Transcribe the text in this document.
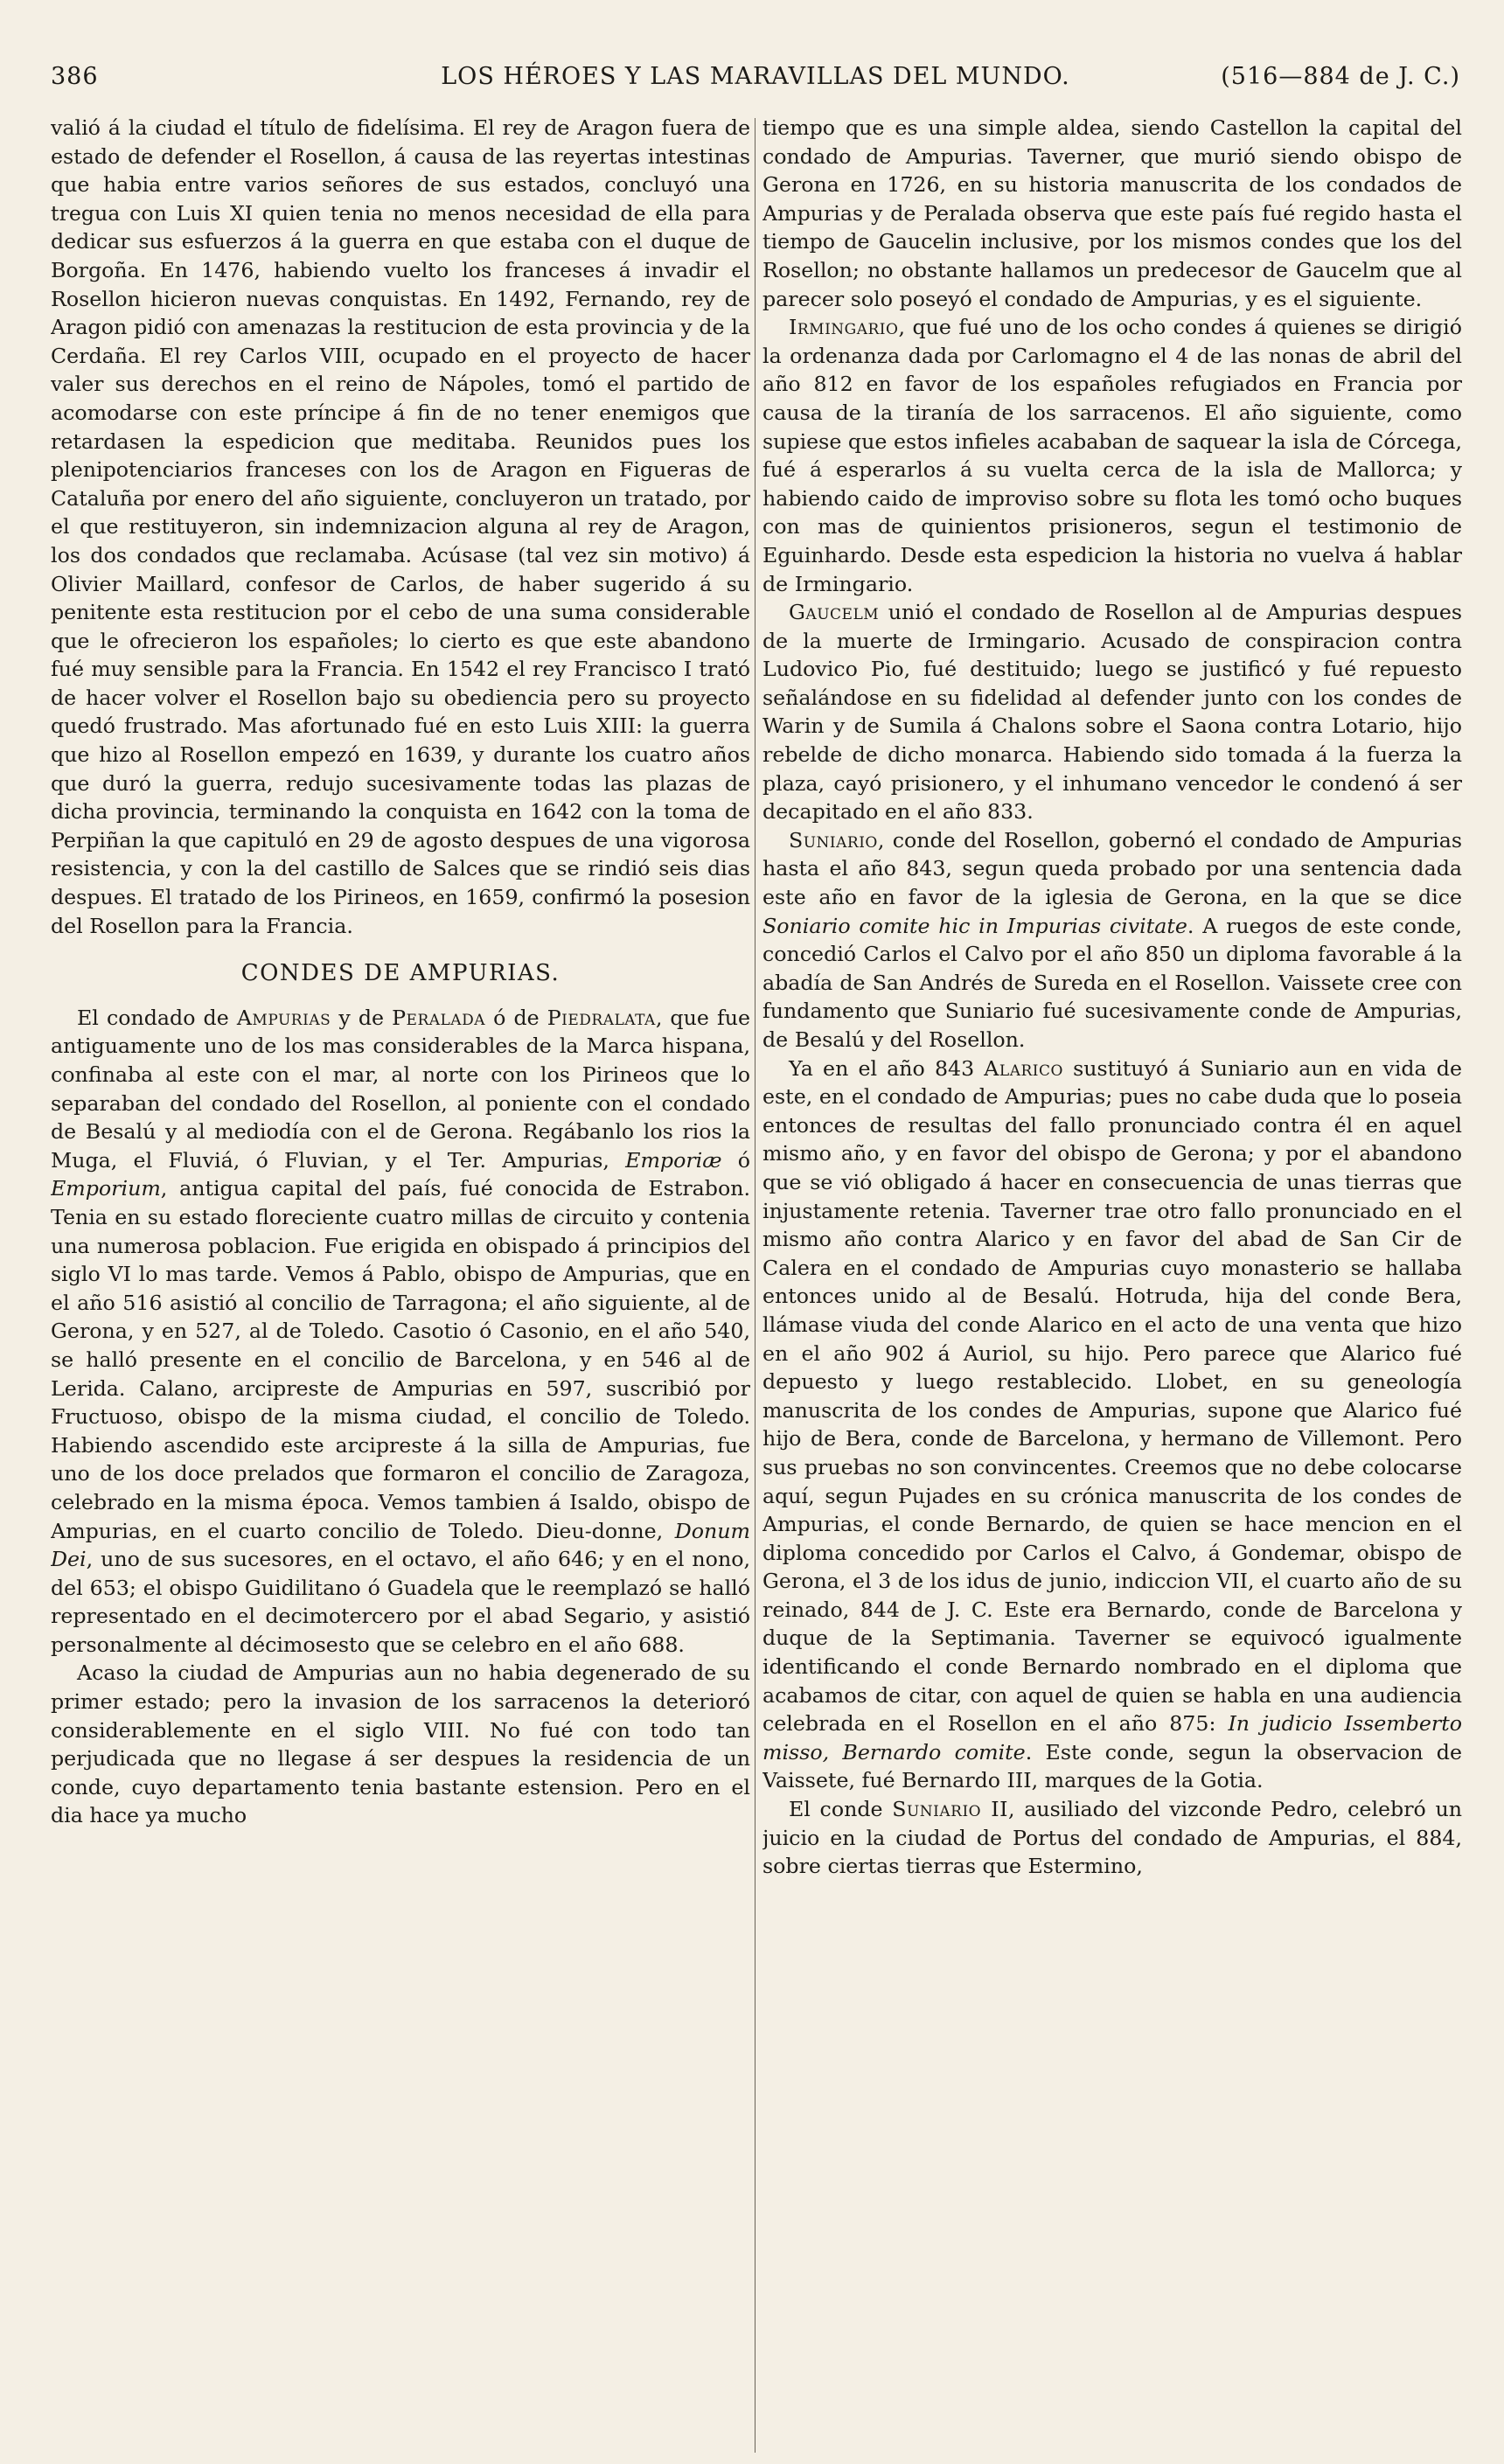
386	LOS HÉROES Y LAS MARAVILLAS DEL MUNDO.	(516—884 de J. C.)

valió á la ciudad el título de fidelísima. El rey de Aragon fuera de estado de defender el Rosellon, á causa de las reyertas intestinas que habia entre varios señores de sus estados, concluyó una tregua con Luis XI quien tenia no menos necesidad de ella para dedicar sus esfuerzos á la guerra en que estaba con el duque de Borgoña. En 1476, habiendo vuelto los franceses á invadir el Rosellon hicieron nuevas conquistas. En 1492, Fernando, rey de Aragon pidió con amenazas la restitucion de esta provincia y de la Cerdaña. El rey Carlos VIII, ocupado en el proyecto de hacer valer sus derechos en el reino de Nápoles, tomó el partido de acomodarse con este príncipe á fin de no tener enemigos que retardasen la espedicion que meditaba. Reunidos pues los plenipotenciarios franceses con los de Aragon en Figueras de Cataluña por enero del año siguiente, concluyeron un tratado, por el que restituyeron, sin indemnizacion alguna al rey de Aragon, los dos condados que reclamaba. Acúsase (tal vez sin motivo) á Olivier Maillard, confesor de Carlos, de haber sugerido á su penitente esta restitucion por el cebo de una suma considerable que le ofrecieron los españoles; lo cierto es que este abandono fué muy sensible para la Francia. En 1542 el rey Francisco I trató de hacer volver el Rosellon bajo su obediencia pero su proyecto quedó frustrado. Mas afortunado fué en esto Luis XIII: la guerra que hizo al Rosellon empezó en 1639, y durante los cuatro años que duró la guerra, redujo sucesivamente todas las plazas de dicha provincia, terminando la conquista en 1642 con la toma de Perpiñan la que capituló en 29 de agosto despues de una vigorosa resistencia, y con la del castillo de Salces que se rindió seis dias despues. El tratado de los Pirineos, en 1659, confirmó la posesion del Rosellon para la Francia.

CONDES DE AMPURIAS.

El condado de Ampurias y de Peralada ó de Piedralata, que fue antiguamente uno de los mas considerables de la Marca hispana, confinaba al este con el mar, al norte con los Pirineos que lo separaban del condado del Rosellon, al poniente con el condado de Besalú y al mediodía con el de Gerona. Regábanlo los rios la Muga, el Fluviá, ó Fluvian, y el Ter. Ampurias, Emporiæ ó Emporium, antigua capital del país, fué conocida de Estrabon. Tenia en su estado floreciente cuatro millas de circuito y contenia una numerosa poblacion. Fue erigida en obispado á principios del siglo VI lo mas tarde. Vemos á Pablo, obispo de Ampurias, que en el año 516 asistió al concilio de Tarragona; el año siguiente, al de Gerona, y en 527, al de Toledo. Casotio ó Casonio, en el año 540, se halló presente en el concilio de Barcelona, y en 546 al de Lerida. Calano, arcipreste de Ampurias en 597, suscribió por Fructuoso, obispo de la misma ciudad, el concilio de Toledo. Habiendo ascendido este arcipreste á la silla de Ampurias, fue uno de los doce prelados que formaron el concilio de Zaragoza, celebrado en la misma época. Vemos tambien á Isaldo, obispo de Ampurias, en el cuarto concilio de Toledo. Dieu-donne, Donum Dei, uno de sus sucesores, en el octavo, el año 646; y en el nono, del 653; el obispo Guidilitano ó Guadela que le reemplazó se halló representado en el decimotercero por el abad Segario, y asistió personalmente al décimosesto que se celebro en el año 688.

Acaso la ciudad de Ampurias aun no habia degenerado de su primer estado; pero la invasion de los sarracenos la deterioró considerablemente en el siglo VIII. No fué con todo tan perjudicada que no llegase á ser despues la residencia de un conde, cuyo departamento tenia bastante estension. Pero en el dia hace ya mucho

tiempo que es una simple aldea, siendo Castellon la capital del condado de Ampurias. Taverner, que murió siendo obispo de Gerona en 1726, en su historia manuscrita de los condados de Ampurias y de Peralada observa que este país fué regido hasta el tiempo de Gaucelin inclusive, por los mismos condes que los del Rosellon; no obstante hallamos un predecesor de Gaucelm que al parecer solo poseyó el condado de Ampurias, y es el siguiente.

Irmingario, que fué uno de los ocho condes á quienes se dirigió la ordenanza dada por Carlomagno el 4 de las nonas de abril del año 812 en favor de los españoles refugiados en Francia por causa de la tiranía de los sarracenos. El año siguiente, como supiese que estos infieles acababan de saquear la isla de Córcega, fué á esperarlos á su vuelta cerca de la isla de Mallorca; y habiendo caido de improviso sobre su flota les tomó ocho buques con mas de quinientos prisioneros, segun el testimonio de Eguinhardo. Desde esta espedicion la historia no vuelva á hablar de Irmingario.

Gaucelm unió el condado de Rosellon al de Ampurias despues de la muerte de Irmingario. Acusado de conspiracion contra Ludovico Pio, fué destituido; luego se justificó y fué repuesto señalándose en su fidelidad al defender junto con los condes de Warin y de Sumila á Chalons sobre el Saona contra Lotario, hijo rebelde de dicho monarca. Habiendo sido tomada á la fuerza la plaza, cayó prisionero, y el inhumano vencedor le condenó á ser decapitado en el año 833.

Suniario, conde del Rosellon, gobernó el condado de Ampurias hasta el año 843, segun queda probado por una sentencia dada este año en favor de la iglesia de Gerona, en la que se dice Soniario comite hic in Impurias civitate. A ruegos de este conde, concedió Carlos el Calvo por el año 850 un diploma favorable á la abadía de San Andrés de Sureda en el Rosellon. Vaissete cree con fundamento que Suniario fué sucesivamente conde de Ampurias, de Besalú y del Rosellon.

Ya en el año 843 Alarico sustituyó á Suniario aun en vida de este, en el condado de Ampurias; pues no cabe duda que lo poseia entonces de resultas del fallo pronunciado contra él en aquel mismo año, y en favor del obispo de Gerona; y por el abandono que se vió obligado á hacer en consecuencia de unas tierras que injustamente retenia. Taverner trae otro fallo pronunciado en el mismo año contra Alarico y en favor del abad de San Cir de Calera en el condado de Ampurias cuyo monasterio se hallaba entonces unido al de Besalú. Hotruda, hija del conde Bera, llámase viuda del conde Alarico en el acto de una venta que hizo en el año 902 á Auriol, su hijo. Pero parece que Alarico fué depuesto y luego restablecido. Llobet, en su geneología manuscrita de los condes de Ampurias, supone que Alarico fué hijo de Bera, conde de Barcelona, y hermano de Villemont. Pero sus pruebas no son convincentes. Creemos que no debe colocarse aquí, segun Pujades en su crónica manuscrita de los condes de Ampurias, el conde Bernardo, de quien se hace mencion en el diploma concedido por Carlos el Calvo, á Gondemar, obispo de Gerona, el 3 de los idus de junio, indiccion VII, el cuarto año de su reinado, 844 de J. C. Este era Bernardo, conde de Barcelona y duque de la Septimania. Taverner se equivocó igualmente identificando el conde Bernardo nombrado en el diploma que acabamos de citar, con aquel de quien se habla en una audiencia celebrada en el Rosellon en el año 875: In judicio Issemberto misso, Bernardo comite. Este conde, segun la observacion de Vaissete, fué Bernardo III, marques de la Gotia.

El conde Suniario II, ausiliado del vizconde Pedro, celebró un juicio en la ciudad de Portus del condado de Ampurias, el 884, sobre ciertas tierras que Estermino,
